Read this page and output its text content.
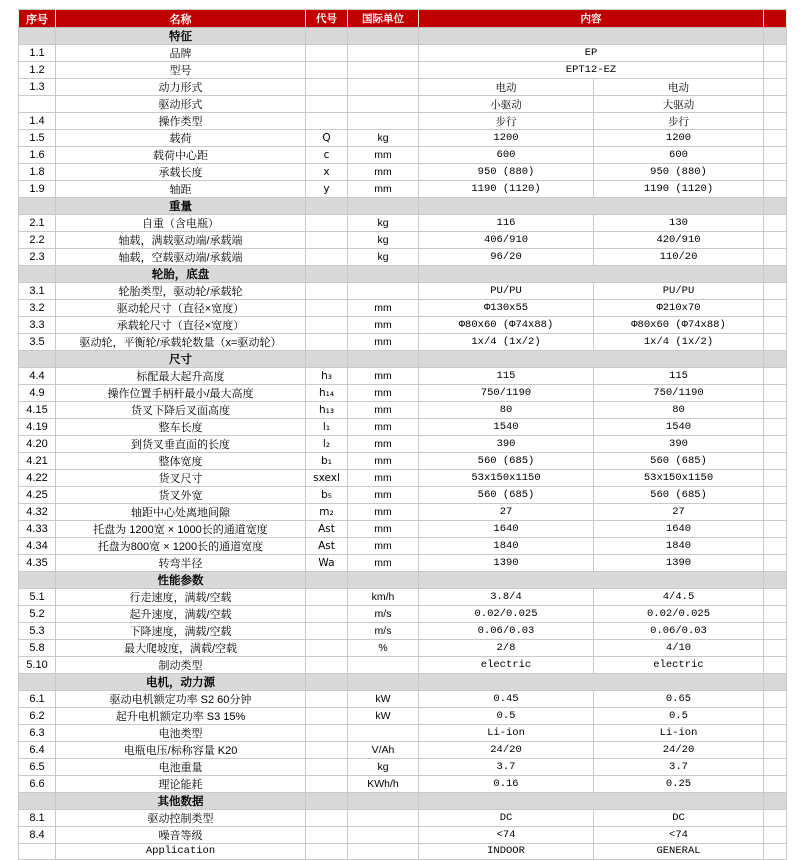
序号	名称	代号	国际单位	内容		
	特征					
1.1	品牌			EP		
1.2	型号			EPT12-EZ		
1.3	动力形式			电动	电动	
	驱动形式			小驱动	大驱动	
1.4	操作类型			步行	步行	
1.5	载荷	Q	kg	1200	1200	
1.6	载荷中心距	c	mm	600	600	
1.8	承载长度	x	mm	950 (880)	950 (880)	
1.9	轴距	y	mm	1190 (1120)	1190 (1120)	
	重量					
2.1	自重（含电瓶）		kg	116	130	
2.2	轴载，满载驱动端/承载端		kg	406/910	420/910	
2.3	轴载，空载驱动端/承载端		kg	96/20	110/20	
	轮胎，底盘					
3.1	轮胎类型，驱动轮/承载轮			PU/PU	PU/PU	
3.2	驱动轮尺寸（直径×宽度）		mm	Φ130x55	Φ210x70	
3.3	承载轮尺寸（直径×宽度）		mm	Φ80x60 (Φ74x88)	Φ80x60 (Φ74x88)	
3.5	驱动轮，平衡轮/承载轮数量（x=驱动轮）		mm	1x/4 (1x/2)	1x/4 (1x/2)	
	尺寸					
4.4	标配最大起升高度	h₃	mm	115	115	
4.9	操作位置手柄杆最小/最大高度	h₁₄	mm	750/1190	750/1190	
4.15	货叉下降后叉面高度	h₁₃	mm	80	80	
4.19	整车长度	l₁	mm	1540	1540	
4.20	到货叉垂直面的长度	l₂	mm	390	390	
4.21	整体宽度	b₁	mm	560 (685)	560 (685)	
4.22	货叉尺寸	sxexl	mm	53x150x1150	53x150x1150	
4.25	货叉外宽	b₅	mm	560 (685)	560 (685)	
4.32	轴距中心处离地间隙	m₂	mm	27	27	
4.33	托盘为 1200宽 × 1000长的通道宽度	Ast	mm	1640	1640	
4.34	托盘为800宽 × 1200长的通道宽度	Ast	mm	1840	1840	
4.35	转弯半径	Wa	mm	1390	1390	
	性能参数					
5.1	行走速度，满载/空载		km/h	3.8/4	4/4.5	
5.2	起升速度，满载/空载		m/s	0.02/0.025	0.02/0.025	
5.3	下降速度，满载/空载		m/s	0.06/0.03	0.06/0.03	
5.8	最大爬坡度，满载/空载		%	2/8	4/10	
5.10	制动类型			electric	electric	
	电机，动力源					
6.1	驱动电机额定功率 S2 60分钟		kW	0.45	0.65	
6.2	起升电机额定功率 S3 15%		kW	0.5	0.5	
6.3	电池类型			Li-ion	Li-ion	
6.4	电瓶电压/标称容量 K20		V/Ah	24/20	24/20	
6.5	电池重量		kg	3.7	3.7	
6.6	理论能耗		KWh/h	0.16	0.25	
	其他数据					
8.1	驱动控制类型			DC	DC	
8.4	噪音等级			<74	<74	
	Application			INDOOR	GENERAL	
